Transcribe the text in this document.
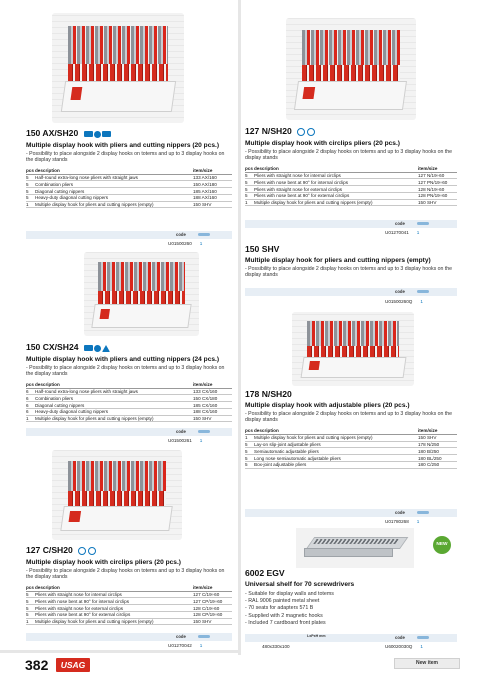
150 AX/SH20
Multiple display hook with pliers and cutting nippers (20 pcs.)
- Possibility to place alongside 2 display hooks on totems and up to 3 display hooks on the display stands
pcs	description	item/size
5	Half-round extra-long nose pliers with straight jaws	133 AX/160
5	Combination pliers	150 AX/180
5	Diagonal cutting nippers	185 AX/160
5	Heavy-duty diagonal cutting nippers	188 AX/160
1	Multiple display hook for pliers and cutting nippers (empty)	150 SHV
code
U01500260 1
150 CX/SH24
Multiple display hook with pliers and cutting nippers (24 pcs.)
- Possibility to place alongside 2 display hooks on totems and up to 3 display hooks on the display stands
pcs	description	item/size
6	Half-round extra-long nose pliers with straight jaws	133 CX/160
6	Combination pliers	150 CX/180
6	Diagonal cutting nippers	185 CX/160
6	Heavy-duty diagonal cutting nippers	188 CX/160
1	Multiple display hook for pliers and cutting nippers (empty)	150 SHV
code
U01500261 1
127 C/SH20
Multiple display hook with circlips pliers (20 pcs.)
- Possibility to place alongside 2 display hooks on totems and up to 3 display hooks on the display stands
pcs	description	item/size
5	Pliers with straight nose for internal circlips	127 C/19÷60
5	Pliers with nose bent at 90° for internal circlips	127 CP/19÷60
5	Pliers with straight nose for external circlips	128 C/19÷60
5	Pliers with nose bent at 90° for external circlips	128 CP/19÷60
1	Multiple display hook for pliers and cutting nippers (empty)	150 SHV
code
U01270042 1
127 N/SH20
Multiple display hook with circlips pliers (20 pcs.)
- Possibility to place alongside 2 display hooks on totems and up to 3 display hooks on the display stands
pcs	description	item/size
5	Pliers with straight nose for internal circlips	127 N/19÷60
5	Pliers with nose bent at 90° for internal circlips	127 PN/19÷60
5	Pliers with straight nose for external circlips	128 N/19÷60
5	Pliers with nose bent at 90° for external circlips	128 PN/19÷60
1	Multiple display hook for pliers and cutting nippers (empty)	150 SHV
code
U01270041 1
150 SHV
Multiple display hook for pliers and cutting nippers (empty)
- Possibility to place alongside 2 display hooks on totems and up to 3 display hooks on the display stands
code
U01500260Q 1
178 N/SH20
Multiple display hook with adjustable pliers (20 pcs.)
- Possibility to place alongside 2 display hooks on totems and up to 3 display hooks on the display stands
pcs	description	item/size
1	Multiple display hook for pliers and cutting nippers (empty)	150 SHV
5	Lay-on slip-joint adjustable pliers	178 N/250
5	Semiautomatic adjustable pliers	180 B/250
5	Long nose semiautomatic adjustable pliers	180 BL/250
5	Box-joint adjustable pliers	180 C/250
code
U01780268 1
NEW
6002 EGV
Universal shelf for 70 screwdrivers
- Suitable for display walls and totems
- RAL 9006 painted metal sheet
- 70 seats for adapters 571 B
- Supplied with 2 magnetic hooks
- Included 7 cardboard front plates
LxPxH mm	code
480x330x100	U60020030Q 1
382	USAG	New item
